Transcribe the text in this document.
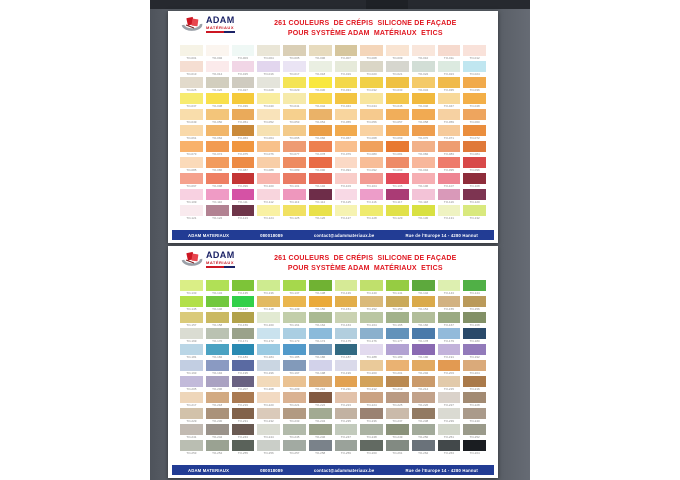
ADAM
MATÉRIAUX
261 COULEURS  DE CRÉPIS  SILICONE DE FAÇADE
POUR SYSTÈME ADAM  MATÉRIAUX  ETICS
TO-001	TO-002	TO-003	TO-004	TO-005	TO-006	TO-007	TO-008	TO-009	TO-010	TO-011	TO-012
TO-013	TO-014	TO-015	TO-016	TO-017	TO-018	TO-019	TO-020	TO-021	TO-022	TO-023	TO-024
TO-025	TO-026	TO-027	TO-028	TO-029	TO-030	TO-031	TO-032	TO-033	TO-034	TO-035	TO-036
TO-037	TO-038	TO-039	TO-040	TO-041	TO-042	TO-043	TO-044	TO-045	TO-046	TO-047	TO-048
TO-049	TO-050	TO-051	TO-052	TO-053	TO-054	TO-055	TO-056	TO-057	TO-058	TO-059	TO-060
TO-061	TO-062	TO-063	TO-064	TO-065	TO-066	TO-067	TO-068	TO-069	TO-070	TO-071	TO-072
TO-073	TO-074	TO-075	TO-076	TO-077	TO-078	TO-079	TO-080	TO-081	TO-082	TO-083	TO-084
TO-085	TO-086	TO-087	TO-088	TO-089	TO-090	TO-091	TO-092	TO-093	TO-094	TO-095	TO-096
TO-097	TO-098	TO-099	TO-100	TO-101	TO-102	TO-103	TO-104	TO-105	TO-106	TO-107	TO-108
TO-109	TO-110	TO-111	TO-112	TO-113	TO-114	TO-115	TO-116	TO-117	TO-118	TO-119	TO-120
TO-121	TO-122	TO-123	TO-124	TO-125	TO-126	TO-127	TO-128	TO-129	TO-130	TO-131	TO-132
ADAM MATERIAUX	080018089	contact@adammateriaux.be	Rue de l'Europe 14 - 4280 Hannut
ADAM
MATÉRIAUX
261 COULEURS  DE CRÉPIS  SILICONE DE FAÇADE
POUR SYSTÈME ADAM  MATÉRIAUX  ETICS
TO-133	TO-134	TO-135	TO-136	TO-137	TO-138	TO-139	TO-140	TO-141	TO-142	TO-143	TO-144
TO-145	TO-146	TO-147	TO-148	TO-149	TO-150	TO-151	TO-152	TO-153	TO-154	TO-155	TO-156
TO-157	TO-158	TO-159	TO-160	TO-161	TO-162	TO-163	TO-164	TO-165	TO-166	TO-167	TO-168
TO-169	TO-170	TO-171	TO-172	TO-173	TO-174	TO-175	TO-176	TO-177	TO-178	TO-179	TO-180
TO-181	TO-182	TO-183	TO-184	TO-185	TO-186	TO-187	TO-188	TO-189	TO-190	TO-191	TO-192
TO-193	TO-194	TO-195	TO-196	TO-197	TO-198	TO-199	TO-200	TO-201	TO-202	TO-203	TO-204
TO-205	TO-206	TO-207	TO-208	TO-209	TO-210	TO-211	TO-212	TO-213	TO-214	TO-215	TO-216
TO-217	TO-218	TO-219	TO-220	TO-221	TO-222	TO-223	TO-224	TO-225	TO-226	TO-227	TO-228
TO-229	TO-230	TO-231	TO-232	TO-233	TO-234	TO-235	TO-236	TO-237	TO-238	TO-239	TO-240
TO-241	TO-242	TO-243	TO-244	TO-245	TO-246	TO-247	TO-248	TO-249	TO-250	TO-251	TO-252
TO-253	TO-254	TO-255	TO-256	TO-257	TO-258	TO-259	TO-260	TO-261	TO-262	TO-263	TO-264
ADAM MATERIAUX	080018089	contact@adammateriaux.be	Rue de l'Europe 14 - 4280 Hannut
